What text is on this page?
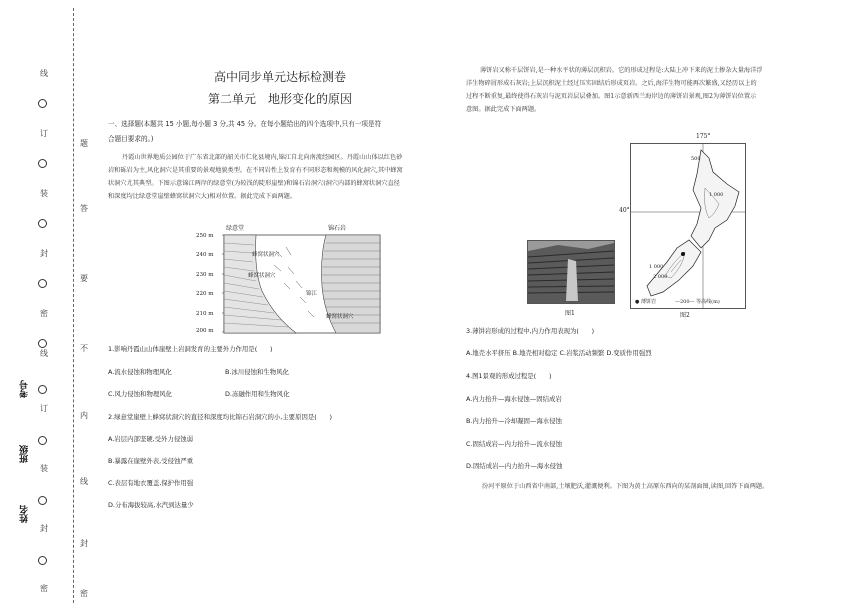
线
订
装
封
密
线
订
装
封
密
题
答
要
不
内
线
封
密
考号
班级
姓名
高中同步单元达标检测卷
第二单元　地形变化的原因
一、选择题(本题共 15 小题,每小题 3 分,共 45 分。在每小题给出的四个选项中,只有一项是符
合题目要求的。)
丹霞山世界地质公园位于广东省北部的韶关市仁化县境内,锦江自北向南流经园区。丹霞山山体以红色砂
岩和砾岩为主,风化洞穴是其重要的景观地貌类型。在不同岩性上发育有不同形态和规模的风化洞穴,其中蜂窝
状洞穴尤其典型。下图示意锦江两岸的绿意堂(为较浅的陡形崖壁)和锦石岩洞穴(洞穴内部的蜂窝状洞穴直径
和深度均比绿意堂崖壁蜂窝状洞穴大)相对位置。据此完成下面两题。
绿意堂	锦石岩
250 m
240 m
230 m
220 m
210 m
200 m
蜂窝状洞穴
蜂窝状洞穴
锦江
蜂窝状洞穴
1.影响丹霞山山体崖壁上岩洞发育的主要外力作用是(　　)
A.流水侵蚀和物理风化	B.冰川侵蚀和生物风化
C.风力侵蚀和物理风化	D.冻融作用和生物风化
2.绿意堂崖壁上蜂窝状洞穴的直径和深度均比锦石岩洞穴的小,主要原因是(　　)
A.岩层内部坚硬,受外力侵蚀弱
B.暴露在崖壁外表,受侵蚀严重
C.表层有地衣覆盖,保护作用强
D.分布海拔较高,水汽到达量少
薄饼岩又称千层饼岩,是一种水平状的薄层沉积岩。它的形成过程是:大陆上冲下来的泥土掺杂大量海洋浮
洋生物碎屑形成石灰岩;上层沉积泥土经过压实固结后形成页岩。之后,海洋生物可能再次繁盛,又经历以上的
过程不断重复,最终使得石灰岩与泥页岩层层叠加。图1示意新西兰海岸边的薄饼岩景观,图2为薄饼岩位置示
意图。据此完成下面两题。
图1
500
1 000
2 000
1 000
● 薄饼岩	—200— 等高线(m)
175°
40°
图2
3.薄饼岩形成的过程中,内力作用表现为(　　)
A.地壳水平挤压 B.地壳相对稳定 C.岩浆活动频繁 D.变质作用强烈
4.图1景观的形成过程是(　　)
A.内力抬升—海水侵蚀—固结成岩
B.内力抬升—冷却凝固—海水侵蚀
C.固结成岩—内力抬升—流水侵蚀
D.固结成岩—内力抬升—海水侵蚀
汾河平原位于山西省中南部,土壤肥沃,灌溉便利。下图为黄土高原东西向的某剖面图,读图,回答下面两题。
